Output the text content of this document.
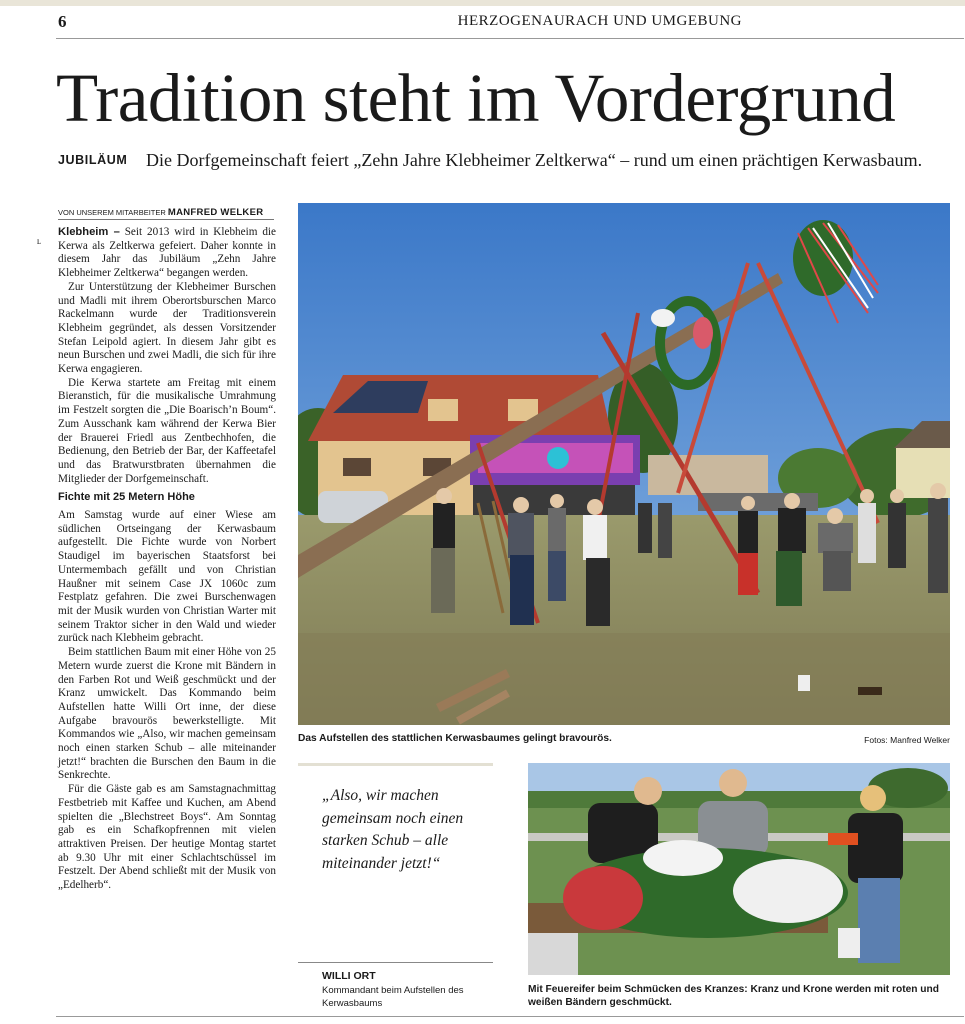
6	HERZOGENAURACH UND UMGEBUNG
Tradition steht im Vordergrund
JUBILÄUM Die Dorfgemeinschaft feiert „Zehn Jahre Klebheimer Zeltkerwa“ – rund um einen prächtigen Kerwasbaum.
VON UNSEREM MITARBEITER MANFRED WELKER
ʟ

Klebheim – Seit 2013 wird in Klebheim die Kerwa als Zeltkerwa gefeiert. Daher konnte in diesem Jahr das Jubiläum „Zehn Jahre Klebheimer Zeltkerwa“ begangen werden.

Zur Unterstützung der Klebheimer Burschen und Madli mit ihrem Oberortsburschen Marco Rackelmann wurde der Traditionsverein Klebheim gegründet, als dessen Vorsitzender Stefan Leipold agiert. In diesem Jahr gibt es neun Burschen und zwei Madli, die sich für ihre Kerwa engagieren.

Die Kerwa startete am Freitag mit einem Bieranstich, für die musikalische Umrahmung im Festzelt sorgten die „Die Boarisch’n Boum“. Zum Ausschank kam während der Kerwa Bier der Brauerei Friedl aus Zentbechhofen, die Bedienung, den Betrieb der Bar, der Kaffeetafel und das Bratwurstbraten übernahmen die Mitglieder der Dorfgemeinschaft.

Fichte mit 25 Metern Höhe

Am Samstag wurde auf einer Wiese am südlichen Ortseingang der Kerwasbaum aufgestellt. Die Fichte wurde von Norbert Staudigel im bayerischen Staatsforst bei Untermembach gefällt und von Christian Haußner mit seinem Case JX 1060c zum Festplatz gefahren. Die zwei Burschenwagen mit der Musik wurden von Christian Warter mit seinem Traktor sicher in den Wald und wieder zurück nach Klebheim gebracht.

Beim stattlichen Baum mit einer Höhe von 25 Metern wurde zuerst die Krone mit Bändern in den Farben Rot und Weiß geschmückt und der Kranz umwickelt. Das Kommando beim Aufstellen hatte Willi Ort inne, der diese Aufgabe bravourös bewerkstelligte. Mit Kommandos wie „Also, wir machen gemeinsam noch einen starken Schub – alle miteinander jetzt!“ brachten die Burschen den Baum in die Senkrechte.

Für die Gäste gab es am Samstagnachmittag Festbetrieb mit Kaffee und Kuchen, am Abend spielten die „Blechstreet Boys“. Am Sonntag gab es ein Schafkopfrennen mit vielen attraktiven Preisen. Der heutige Montag startet ab 9.30 Uhr mit einer Schlachtschüssel im Festzelt. Der Abend schließt mit der Musik von „Edelherb“.

Das Aufstellen des stattlichen Kerwasbaumes gelingt bravourös.	Fotos: Manfred Welker
„Also, wir machen gemeinsam noch einen starken Schub – alle miteinander jetzt!“
WILLI ORT
Kommandant beim Aufstellen des Kerwasbaums
Mit Feuereifer beim Schmücken des Kranzes: Kranz und Krone werden mit roten und weißen Bändern geschmückt.
